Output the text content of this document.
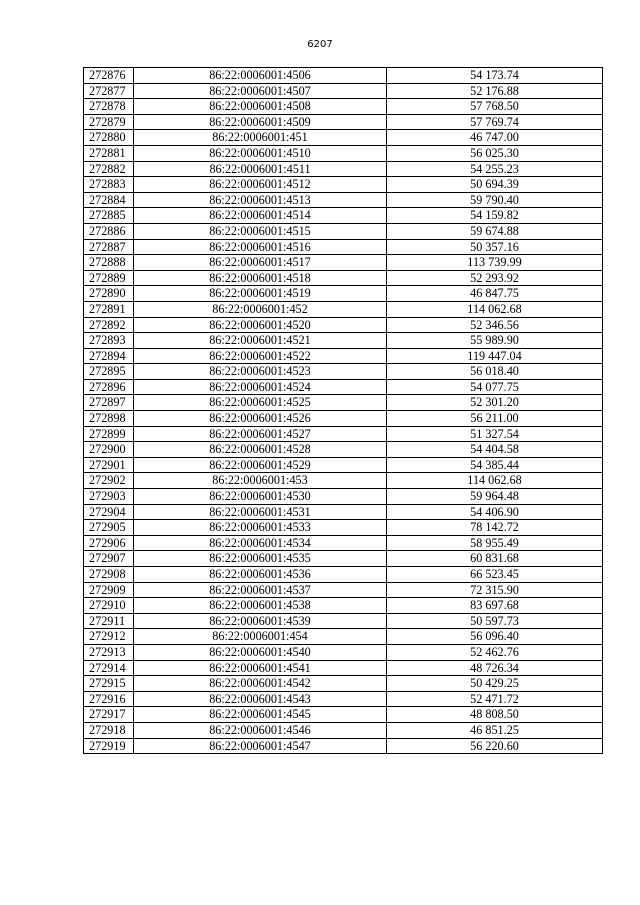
6207
272876	86:22:0006001:4506	54 173.74
272877	86:22:0006001:4507	52 176.88
272878	86:22:0006001:4508	57 768.50
272879	86:22:0006001:4509	57 769.74
272880	86:22:0006001:451	46 747.00
272881	86:22:0006001:4510	56 025.30
272882	86:22:0006001:4511	54 255.23
272883	86:22:0006001:4512	50 694.39
272884	86:22:0006001:4513	59 790.40
272885	86:22:0006001:4514	54 159.82
272886	86:22:0006001:4515	59 674.88
272887	86:22:0006001:4516	50 357.16
272888	86:22:0006001:4517	113 739.99
272889	86:22:0006001:4518	52 293.92
272890	86:22:0006001:4519	46 847.75
272891	86:22:0006001:452	114 062.68
272892	86:22:0006001:4520	52 346.56
272893	86:22:0006001:4521	55 989.90
272894	86:22:0006001:4522	119 447.04
272895	86:22:0006001:4523	56 018.40
272896	86:22:0006001:4524	54 077.75
272897	86:22:0006001:4525	52 301.20
272898	86:22:0006001:4526	56 211.00
272899	86:22:0006001:4527	51 327.54
272900	86:22:0006001:4528	54 404.58
272901	86:22:0006001:4529	54 385.44
272902	86:22:0006001:453	114 062.68
272903	86:22:0006001:4530	59 964.48
272904	86:22:0006001:4531	54 406.90
272905	86:22:0006001:4533	78 142.72
272906	86:22:0006001:4534	58 955.49
272907	86:22:0006001:4535	60 831.68
272908	86:22:0006001:4536	66 523.45
272909	86:22:0006001:4537	72 315.90
272910	86:22:0006001:4538	83 697.68
272911	86:22:0006001:4539	50 597.73
272912	86:22:0006001:454	56 096.40
272913	86:22:0006001:4540	52 462.76
272914	86:22:0006001:4541	48 726.34
272915	86:22:0006001:4542	50 429.25
272916	86:22:0006001:4543	52 471.72
272917	86:22:0006001:4545	48 808.50
272918	86:22:0006001:4546	46 851.25
272919	86:22:0006001:4547	56 220.60
